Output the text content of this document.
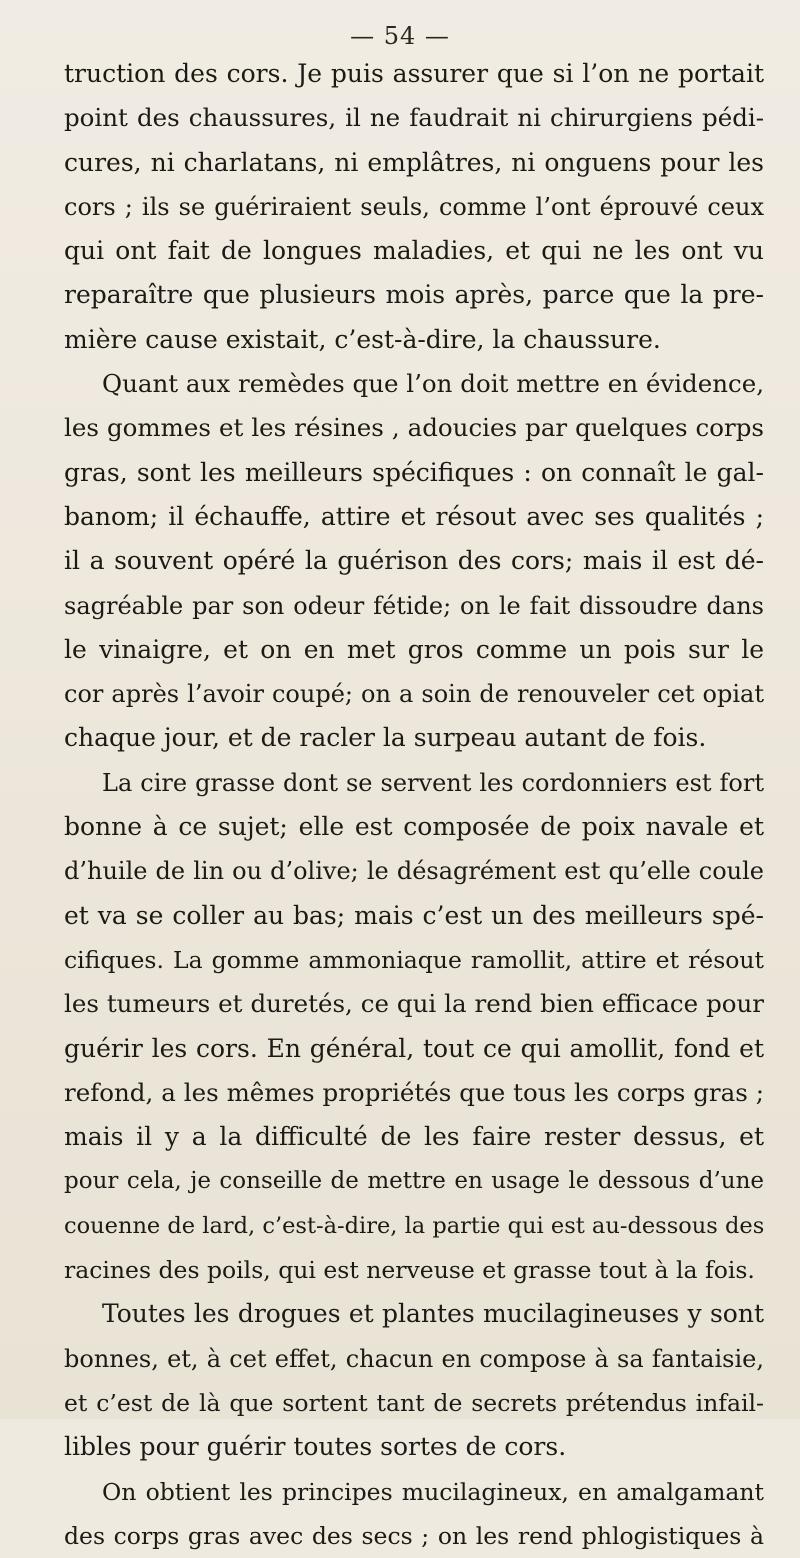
— 54 —
truction des cors. Je puis assurer que si l’on ne portait
point des chaussures, il ne faudrait ni chirurgiens pédi-
cures, ni charlatans, ni emplâtres, ni onguens pour les
cors ; ils se guériraient seuls, comme l’ont éprouvé ceux
qui ont fait de longues maladies, et qui ne les ont vu
reparaître que plusieurs mois après, parce que la pre-
mière cause existait, c’est-à-dire, la chaussure.
Quant aux remèdes que l’on doit mettre en évidence,
les gommes et les résines , adoucies par quelques corps
gras, sont les meilleurs spécifiques : on connaît le gal-
banom; il échauffe, attire et résout avec ses qualités ;
il a souvent opéré la guérison des cors; mais il est dé-
sagréable par son odeur fétide; on le fait dissoudre dans
le vinaigre, et on en met gros comme un pois sur le
cor après l’avoir coupé; on a soin de renouveler cet opiat
chaque jour, et de racler la surpeau autant de fois.
La cire grasse dont se servent les cordonniers est fort
bonne à ce sujet; elle est composée de poix navale et
d’huile de lin ou d’olive; le désagrément est qu’elle coule
et va se coller au bas; mais c’est un des meilleurs spé-
cifiques. La gomme ammoniaque ramollit, attire et résout
les tumeurs et duretés, ce qui la rend bien efficace pour
guérir les cors. En général, tout ce qui amollit, fond et
refond, a les mêmes propriétés que tous les corps gras ;
mais il y a la difficulté de les faire rester dessus, et
pour cela, je conseille de mettre en usage le dessous d’une
couenne de lard, c’est-à-dire, la partie qui est au-dessous des
racines des poils, qui est nerveuse et grasse tout à la fois.
Toutes les drogues et plantes mucilagineuses y sont
bonnes, et, à cet effet, chacun en compose à sa fantaisie,
et c’est de là que sortent tant de secrets prétendus infail-
libles pour guérir toutes sortes de cors.
On obtient les principes mucilagineux, en amalgamant
des corps gras avec des secs ; on les rend phlogistiques à
